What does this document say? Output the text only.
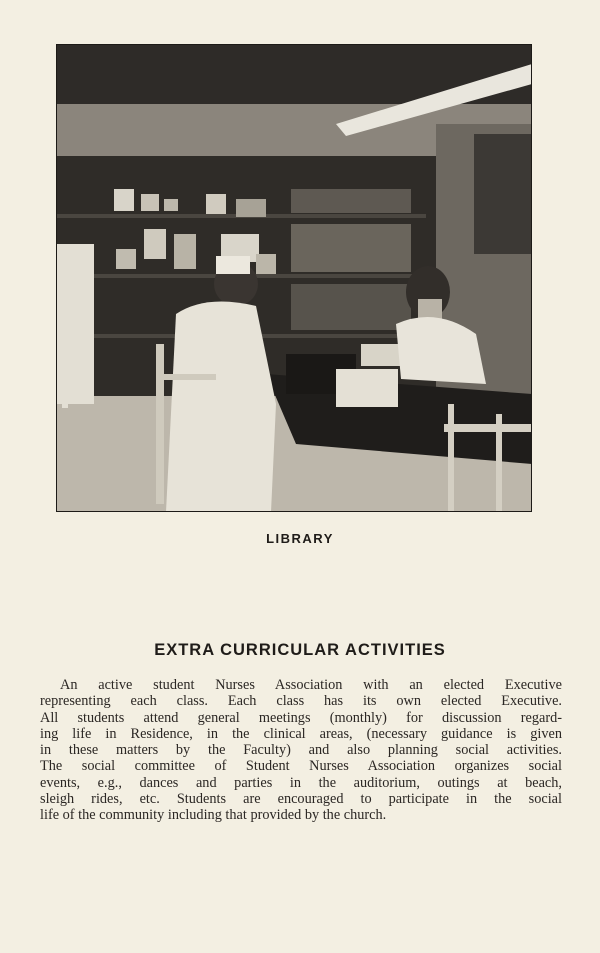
LIBRARY
EXTRA CURRICULAR ACTIVITIES
An active student Nurses Association with an elected Executive
representing each class. Each class has its own elected Executive.
All students attend general meetings (monthly) for discussion regard-
ing life in Residence, in the clinical areas, (necessary guidance is given
in these matters by the Faculty) and also planning social activities.
The social committee of Student Nurses Association organizes social
events, e.g., dances and parties in the auditorium, outings at beach,
sleigh rides, etc. Students are encouraged to participate in the social
life of the community including that provided by the church.
